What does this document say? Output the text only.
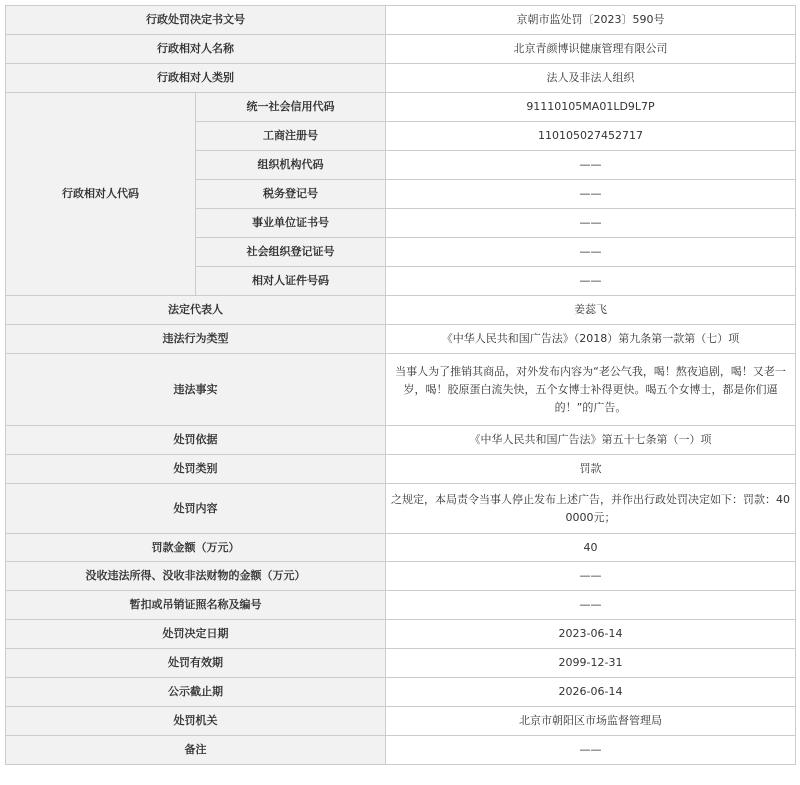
行政处罚决定书文号		京朝市监处罚〔2023〕590号
行政相对人名称		北京青颜博识健康管理有限公司
行政相对人类别		法人及非法人组织
行政相对人代码	统一社会信用代码	91110105MA01LD9L7P
	工商注册号	110105027452717
	组织机构代码	——
	税务登记号	——
	事业单位证书号	——
	社会组织登记证号	——
	相对人证件号码	——
法定代表人		姜蕊飞
违法行为类型		《中华人民共和国广告法》（2018）第九条第一款第（七）项
违法事实		当事人为了推销其商品，对外发布内容为“老公气我，喝！熬夜追剧，喝！又老一岁，喝！胶原蛋白流失快，五个女博士补得更快。喝五个女博士，都是你们逼的！”的广告。
处罚依据		《中华人民共和国广告法》第五十七条第（一）项
处罚类别		罚款
处罚内容		之规定，本局责令当事人停止发布上述广告，并作出行政处罚决定如下：罚款：400000元；
罚款金额（万元）		40
没收违法所得、没收非法财物的金额（万元）		——
暂扣或吊销证照名称及编号		——
处罚决定日期		2023-06-14
处罚有效期		2099-12-31
公示截止期		2026-06-14
处罚机关		北京市朝阳区市场监督管理局
备注		——
